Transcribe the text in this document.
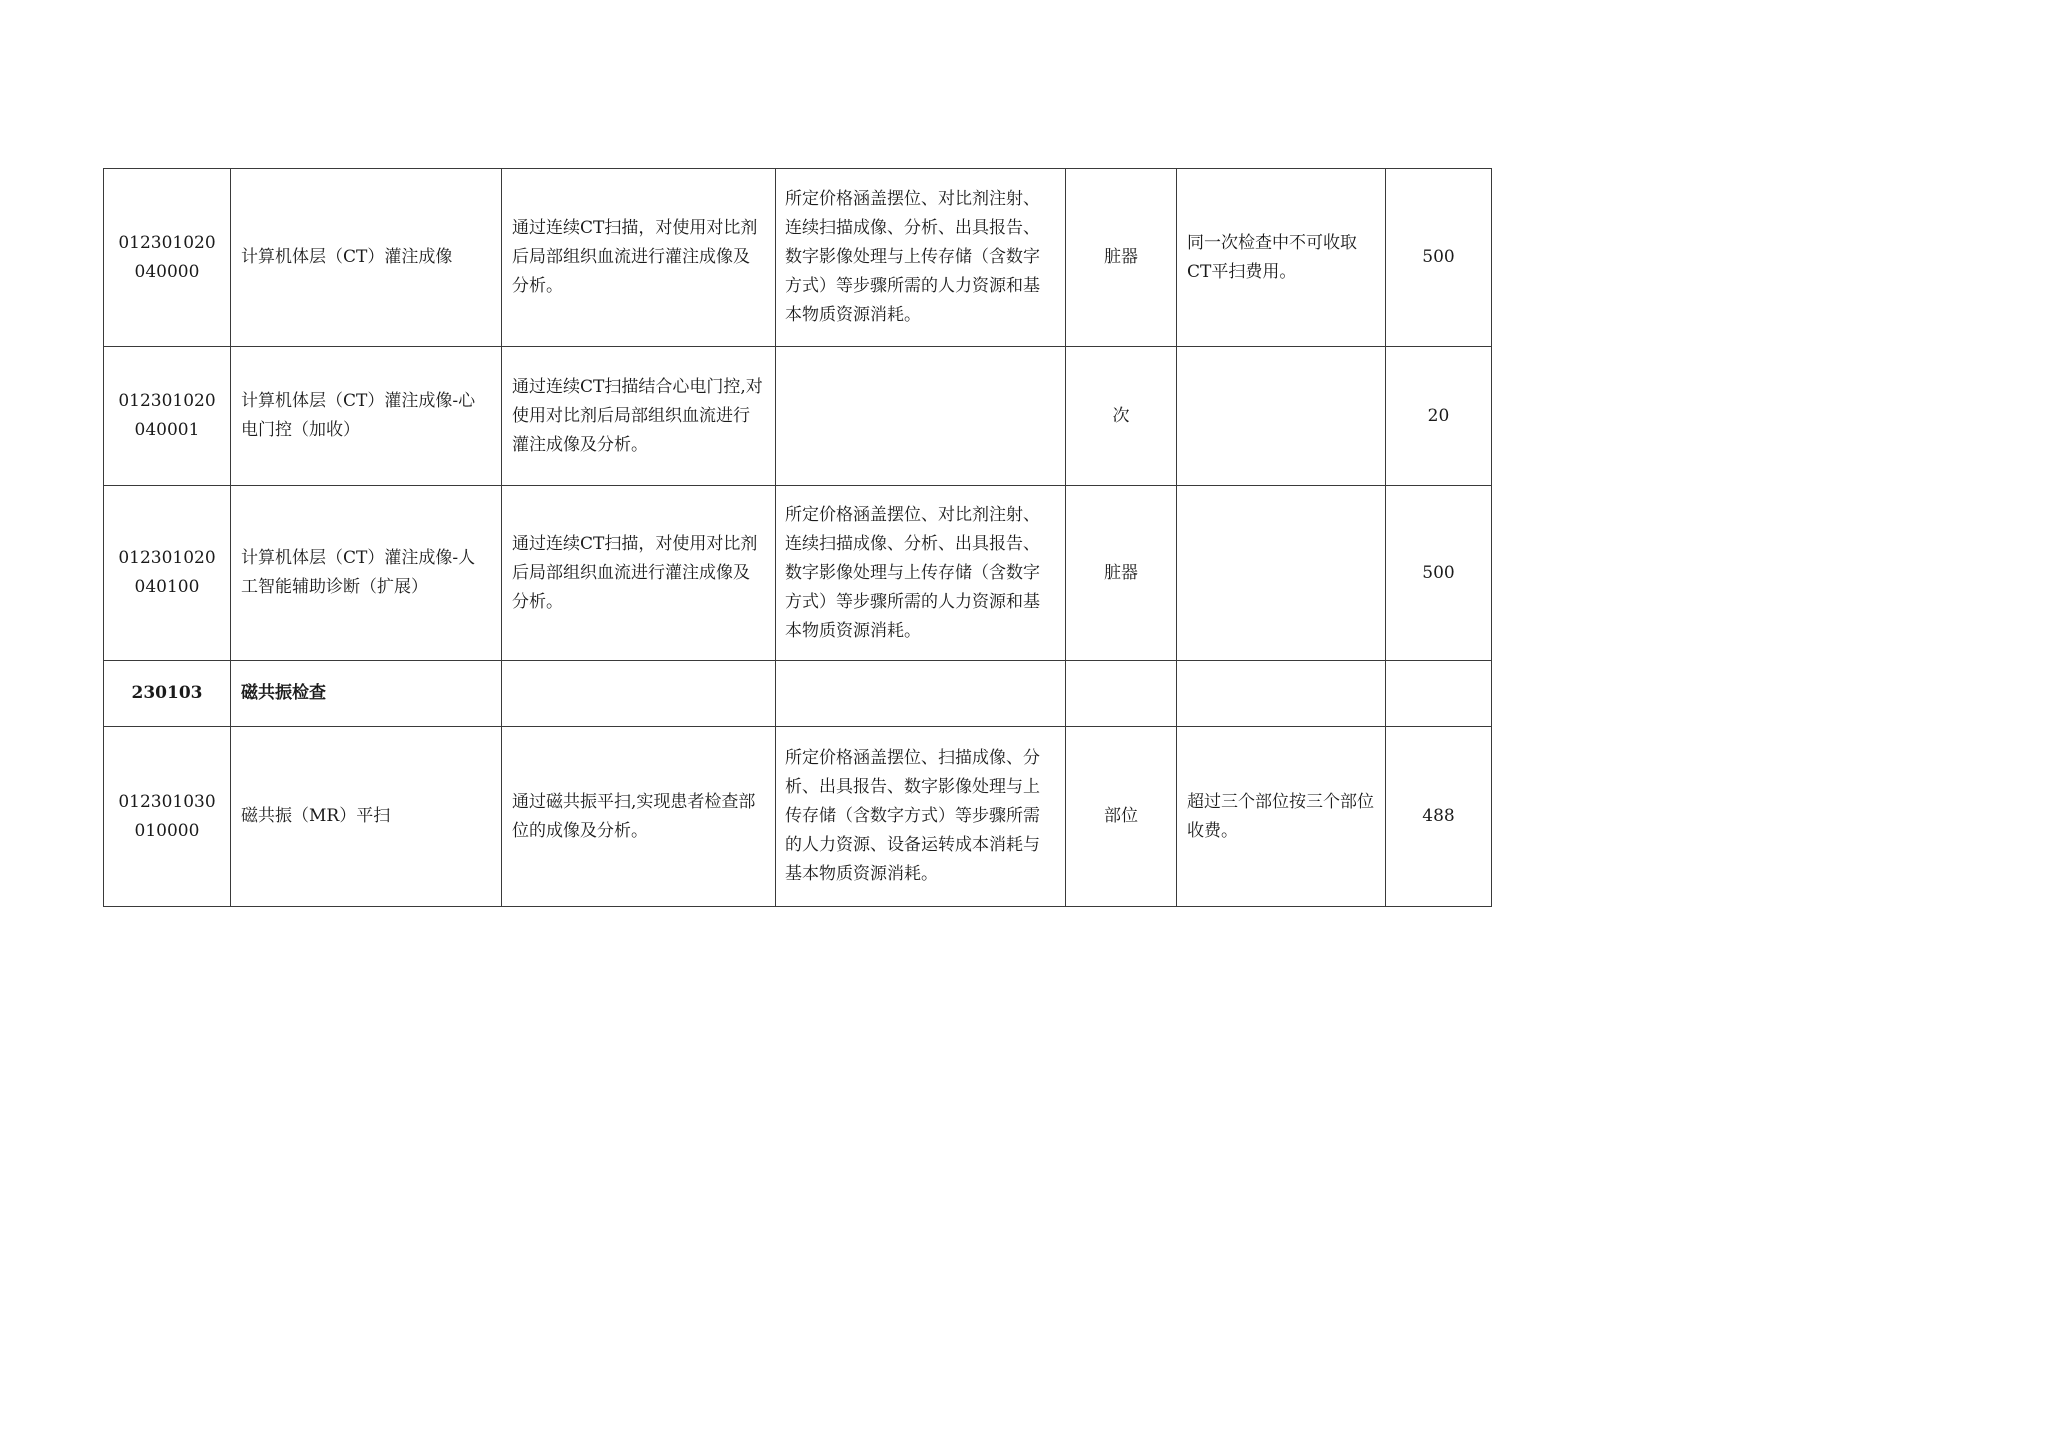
012301020040000	计算机体层（CT）灌注成像	通过连续CT扫描，对使用对比剂后局部组织血流进行灌注成像及分析。	所定价格涵盖摆位、对比剂注射、连续扫描成像、分析、出具报告、数字影像处理与上传存储（含数字方式）等步骤所需的人力资源和基本物质资源消耗。	脏器	同一次检查中不可收取CT平扫费用。	500
012301020040001	计算机体层（CT）灌注成像-心电门控（加收）	通过连续CT扫描结合心电门控,对使用对比剂后局部组织血流进行灌注成像及分析。		次		20
012301020040100	计算机体层（CT）灌注成像-人工智能辅助诊断（扩展）	通过连续CT扫描，对使用对比剂后局部组织血流进行灌注成像及分析。	所定价格涵盖摆位、对比剂注射、连续扫描成像、分析、出具报告、数字影像处理与上传存储（含数字方式）等步骤所需的人力资源和基本物质资源消耗。	脏器		500
230103	磁共振检查					
012301030010000	磁共振（MR）平扫	通过磁共振平扫,实现患者检查部位的成像及分析。	所定价格涵盖摆位、扫描成像、分析、出具报告、数字影像处理与上传存储（含数字方式）等步骤所需的人力资源、设备运转成本消耗与基本物质资源消耗。	部位	超过三个部位按三个部位收费。	488
